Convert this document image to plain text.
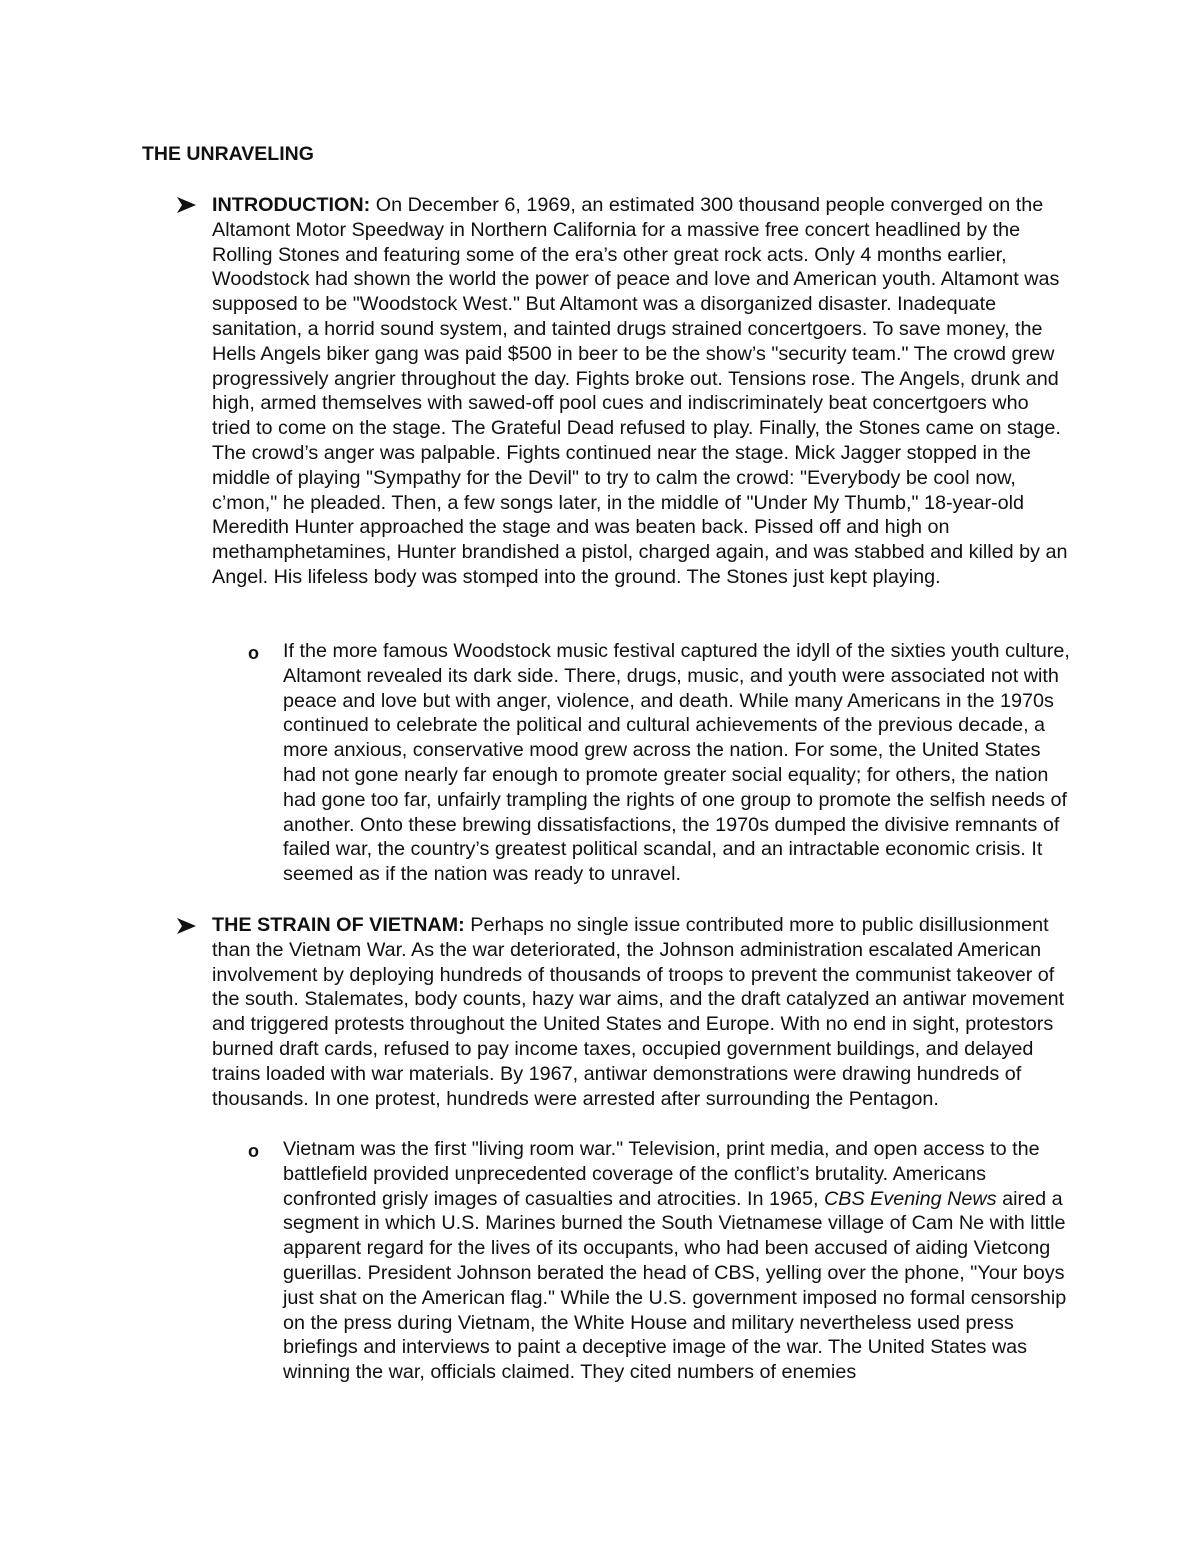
THE UNRAVELING

INTRODUCTION: On December 6, 1969, an estimated 300 thousand people converged on the Altamont Motor Speedway in Northern California for a massive free concert headlined by the Rolling Stones and featuring some of the era’s other great rock acts. Only 4 months earlier, Woodstock had shown the world the power of peace and love and American youth. Altamont was supposed to be "Woodstock West." But Altamont was a disorganized disaster. Inadequate sanitation, a horrid sound system, and tainted drugs strained concertgoers. To save money, the Hells Angels biker gang was paid $500 in beer to be the show’s "security team." The crowd grew progressively angrier throughout the day. Fights broke out. Tensions rose. The Angels, drunk and high, armed themselves with sawed-off pool cues and indiscriminately beat concertgoers who tried to come on the stage. The Grateful Dead refused to play. Finally, the Stones came on stage. The crowd’s anger was palpable. Fights continued near the stage. Mick Jagger stopped in the middle of playing "Sympathy for the Devil" to try to calm the crowd: "Everybody be cool now, c’mon," he pleaded. Then, a few songs later, in the middle of "Under My Thumb," 18-year-old Meredith Hunter approached the stage and was beaten back. Pissed off and high on methamphetamines, Hunter brandished a pistol, charged again, and was stabbed and killed by an Angel. His lifeless body was stomped into the ground. The Stones just kept playing.

o If the more famous Woodstock music festival captured the idyll of the sixties youth culture, Altamont revealed its dark side. There, drugs, music, and youth were associated not with peace and love but with anger, violence, and death. While many Americans in the 1970s continued to celebrate the political and cultural achievements of the previous decade, a more anxious, conservative mood grew across the nation. For some, the United States had not gone nearly far enough to promote greater social equality; for others, the nation had gone too far, unfairly trampling the rights of one group to promote the selfish needs of another. Onto these brewing dissatisfactions, the 1970s dumped the divisive remnants of failed war, the country’s greatest political scandal, and an intractable economic crisis. It seemed as if the nation was ready to unravel.

THE STRAIN OF VIETNAM: Perhaps no single issue contributed more to public disillusionment than the Vietnam War. As the war deteriorated, the Johnson administration escalated American involvement by deploying hundreds of thousands of troops to prevent the communist takeover of the south. Stalemates, body counts, hazy war aims, and the draft catalyzed an antiwar movement and triggered protests throughout the United States and Europe. With no end in sight, protestors burned draft cards, refused to pay income taxes, occupied government buildings, and delayed trains loaded with war materials. By 1967, antiwar demonstrations were drawing hundreds of thousands. In one protest, hundreds were arrested after surrounding the Pentagon.

o Vietnam was the first "living room war." Television, print media, and open access to the battlefield provided unprecedented coverage of the conflict’s brutality. Americans confronted grisly images of casualties and atrocities. In 1965, CBS Evening News aired a segment in which U.S. Marines burned the South Vietnamese village of Cam Ne with little apparent regard for the lives of its occupants, who had been accused of aiding Vietcong guerillas. President Johnson berated the head of CBS, yelling over the phone, "Your boys just shat on the American flag." While the U.S. government imposed no formal censorship on the press during Vietnam, the White House and military nevertheless used press briefings and interviews to paint a deceptive image of the war. The United States was winning the war, officials claimed. They cited numbers of enemies
